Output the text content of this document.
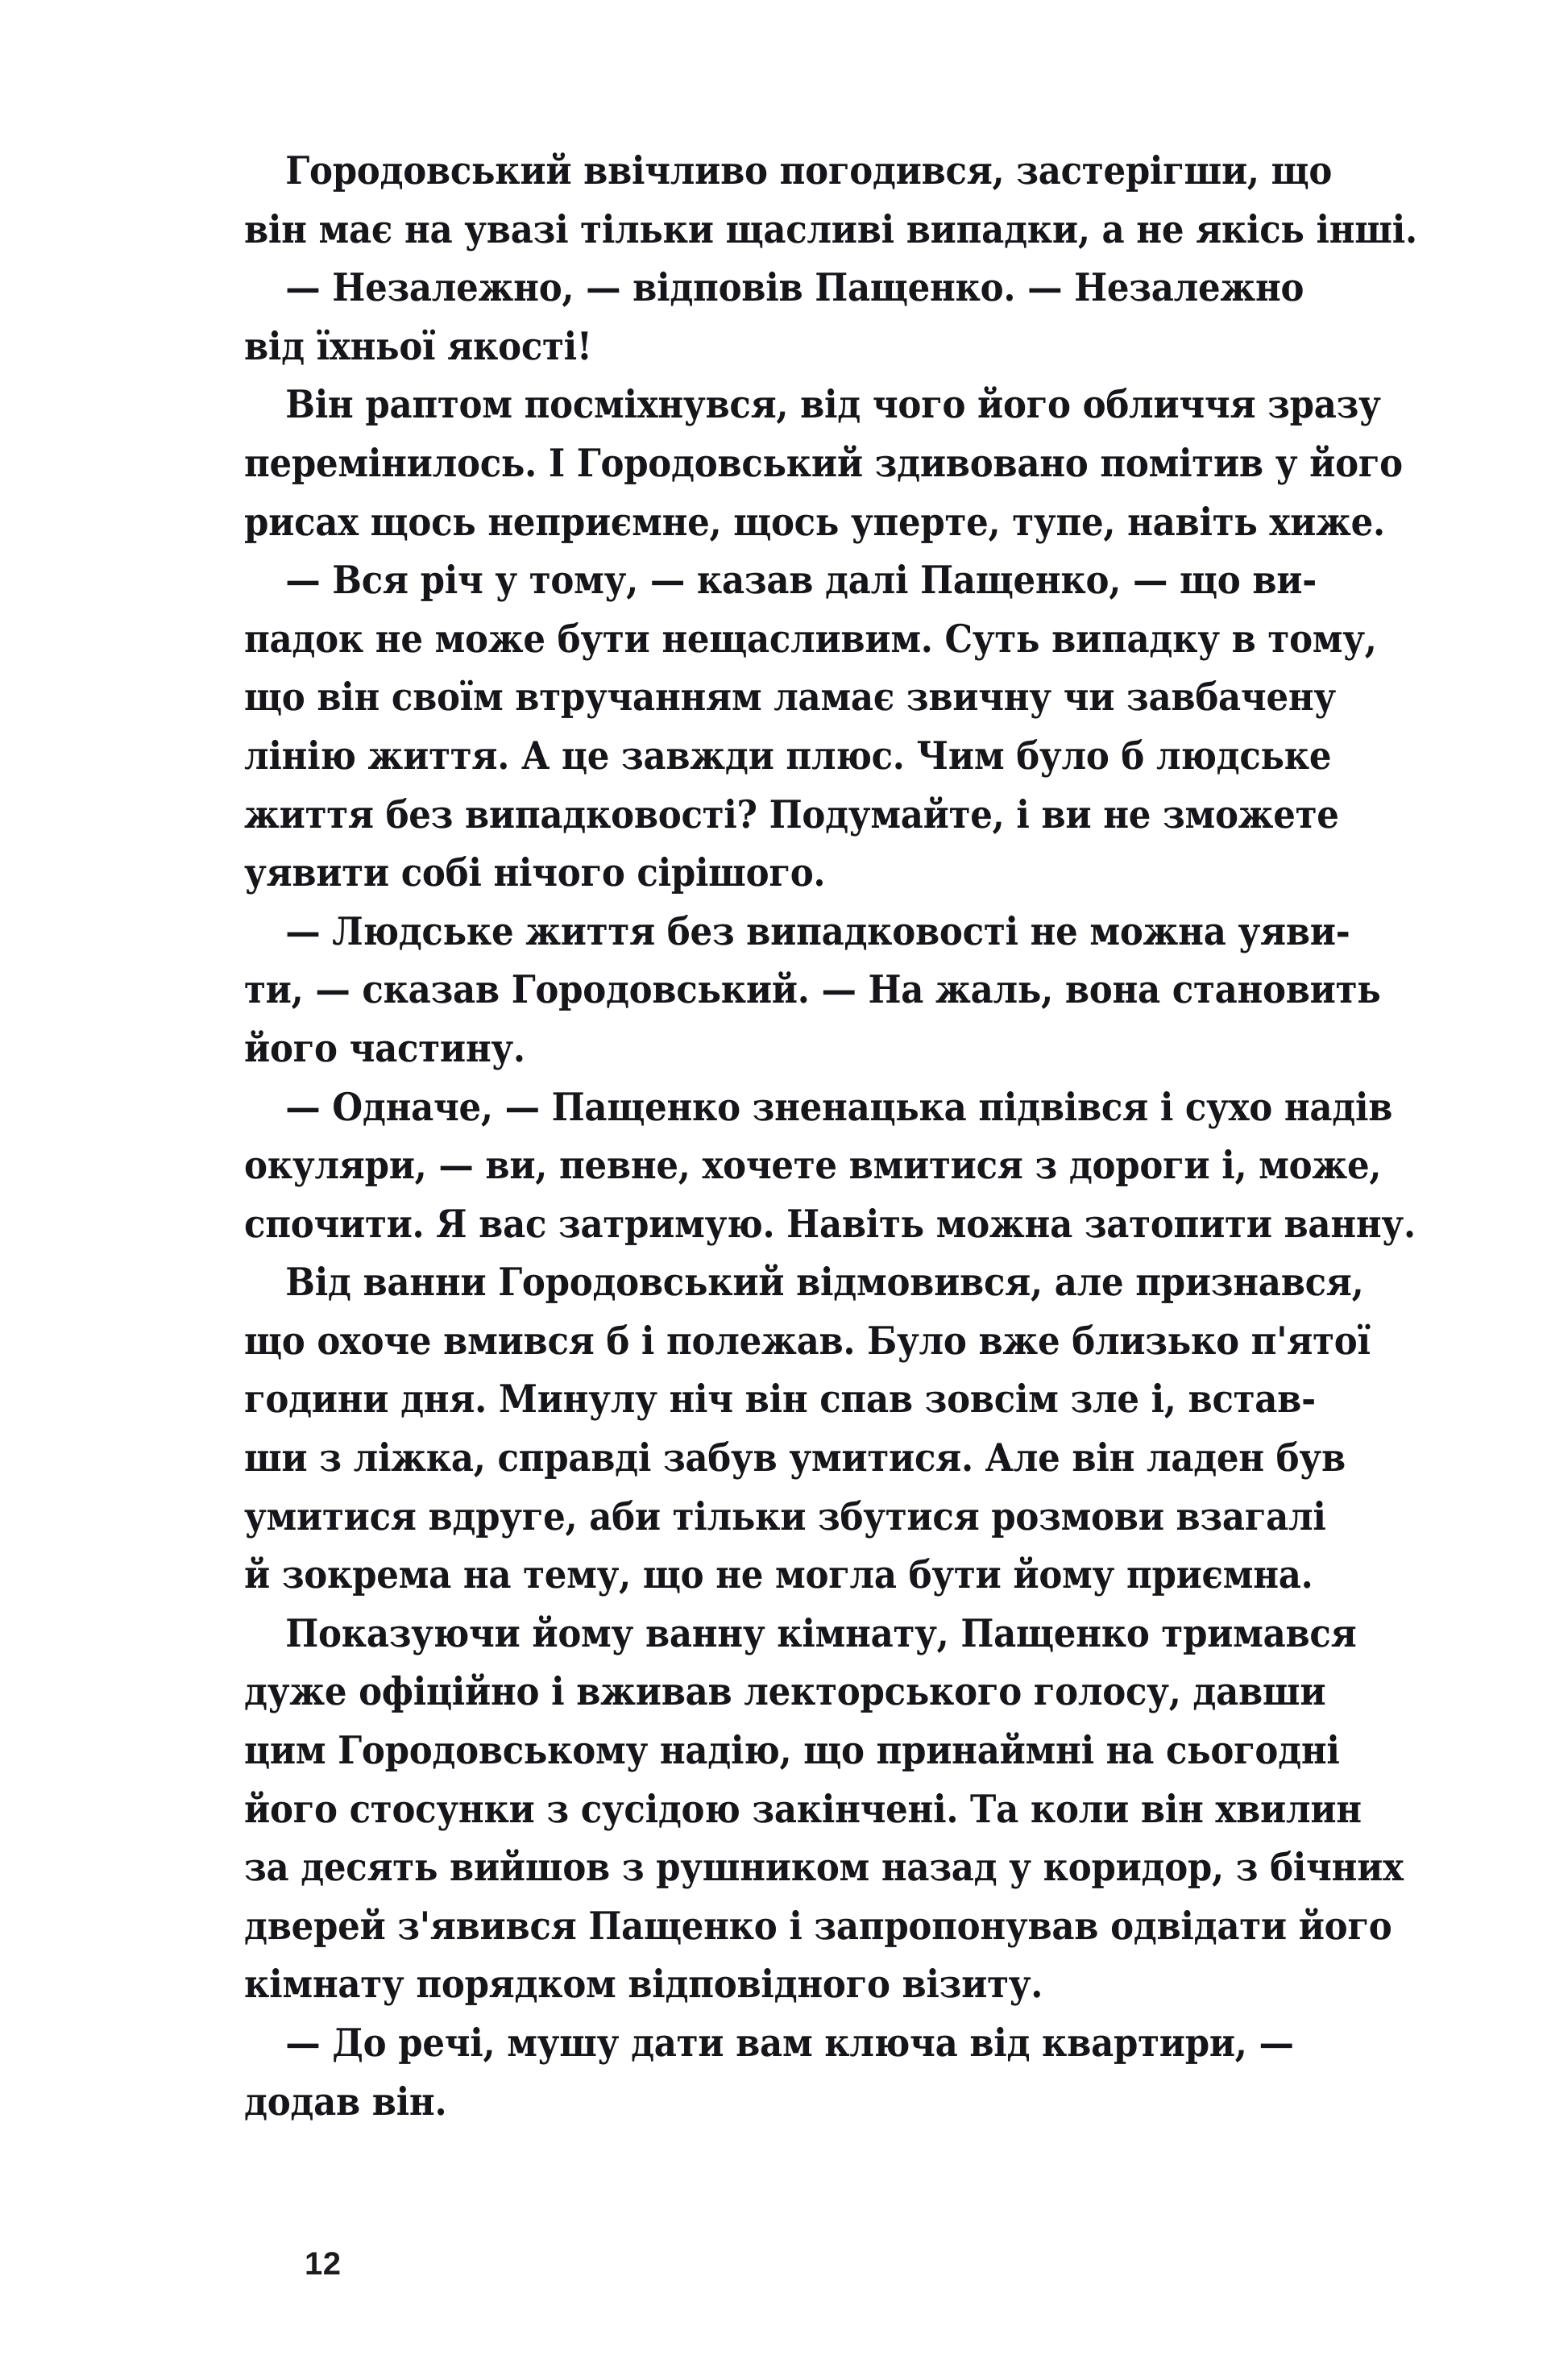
Городовський ввічливо погодився, застерігши, що
він має на увазі тільки щасливі випадки, а не якісь інші.
— Незалежно, — відповів Пащенко. — Незалежно
від їхньої якості!
Він раптом посміхнувся, від чого його обличчя зразу
перемінилось. І Городовський здивовано помітив у його
рисах щось неприємне, щось уперте, тупе, навіть хиже.
— Вся річ у тому, — казав далі Пащенко, — що ви-
падок не може бути нещасливим. Суть випадку в тому,
що він своїм втручанням ламає звичну чи завбачену
лінію життя. А це завжди плюс. Чим було б людське
життя без випадковості? Подумайте, і ви не зможете
уявити собі нічого сірішого.
— Людське життя без випадковості не можна уяви-
ти, — сказав Городовський. — На жаль, вона становить
його частину.
— Одначе, — Пащенко зненацька підвівся і сухо надів
окуляри, — ви, певне, хочете вмитися з дороги і, може,
спочити. Я вас затримую. Навіть можна затопити ванну.
Від ванни Городовський відмовився, але признався,
що охоче вмився б і полежав. Було вже близько п'ятої
години дня. Минулу ніч він спав зовсім зле і, встав-
ши з ліжка, справді забув умитися. Але він ладен був
умитися вдруге, аби тільки збутися розмови взагалі
й зокрема на тему, що не могла бути йому приємна.
Показуючи йому ванну кімнату, Пащенко тримався
дуже офіційно і вживав лекторського голосу, давши
цим Городовському надію, що принаймні на сьогодні
його стосунки з сусідою закінчені. Та коли він хвилин
за десять вийшов з рушником назад у коридор, з бічних
дверей з'явився Пащенко і запропонував одвідати його
кімнату порядком відповідного візиту.
— До речі, мушу дати вам ключа від квартири, —
додав він.
12
